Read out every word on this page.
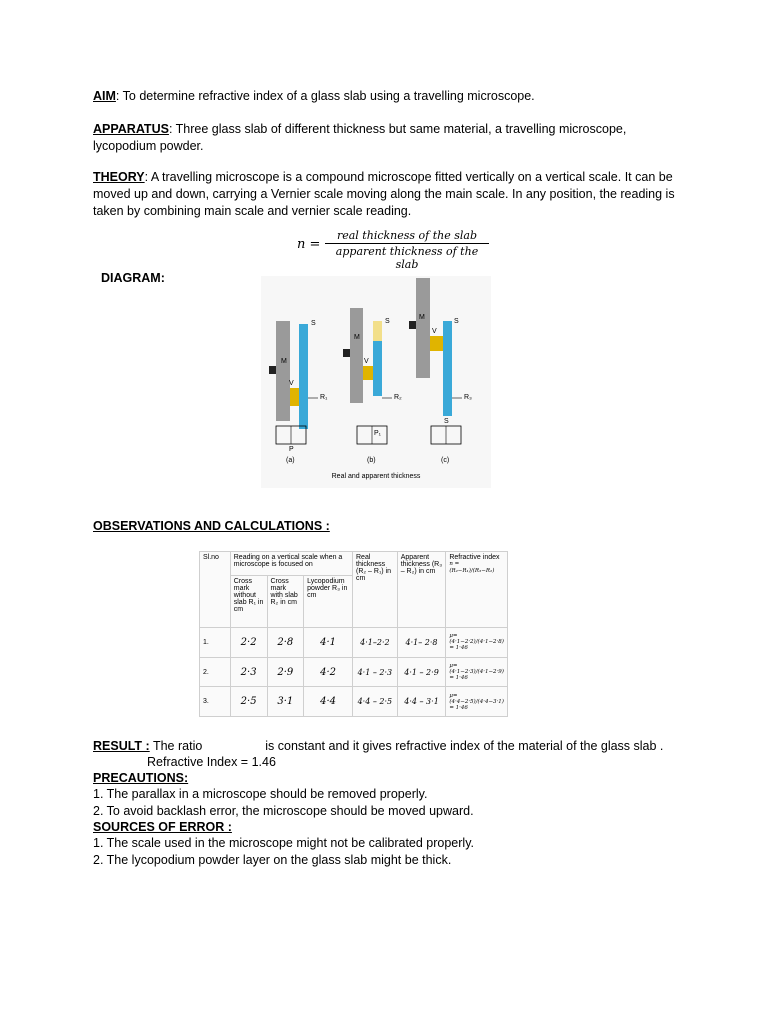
AIM: To determine refractive index of a glass slab using a travelling microscope.
APPARATUS: Three glass slab of different thickness but same material, a travelling microscope, lycopodium powder.
THEORY: A travelling microscope is a compound microscope fitted vertically on a vertical scale. It can be moved up and down, carrying a Vernier scale moving along the main scale. In any position, the reading is taken by combining main scale and vernier scale reading.
n =
real thickness of the slab
apparent thickness of the slab
DIAGRAM:
M
S
V
R₁
P
M
S
V
R₂
P₁
M
S
V
R₃
S
(a)	(b)	(c)
Real and apparent thickness
OBSERVATIONS AND CALCULATIONS :
Sl.no	Reading on a vertical scale when a microscope is focused on			Real thickness (R₂ – R₁) in cm	Apparent thickness (R₃ – R₂) in cm	Refractive index
n = (R₂−R₁)/(R₃−R₂)
	Cross mark without slab R₁ in cm	Cross mark with slab R₂ in cm	Lycopodium powder R₃ in cm			
1.	2·2	2·8	4·1	4·1–2·2	4·1– 2·8	μ= (4·1−2·2)/(4·1−2·8) = 1·46
2.	2·3	2·9	4·2	4·1 – 2·3	4·1 – 2·9	μ= (4·1−2·3)/(4·1−2·9) = 1·46
3.	2·5	3·1	4·4	4·4 – 2·5	4·4 – 3·1	μ= (4·4−2·5)/(4·4−3·1) = 1·46
RESULT : The ratio	is constant and it gives refractive index of the material of the glass slab .
Refractive Index = 1.46
PRECAUTIONS:
1. The parallax in a microscope should be removed properly.
2. To avoid backlash error, the microscope should be moved upward.
SOURCES OF ERROR :
1. The scale used in the microscope might not be calibrated properly.
2. The lycopodium powder layer on the glass slab might be thick.
